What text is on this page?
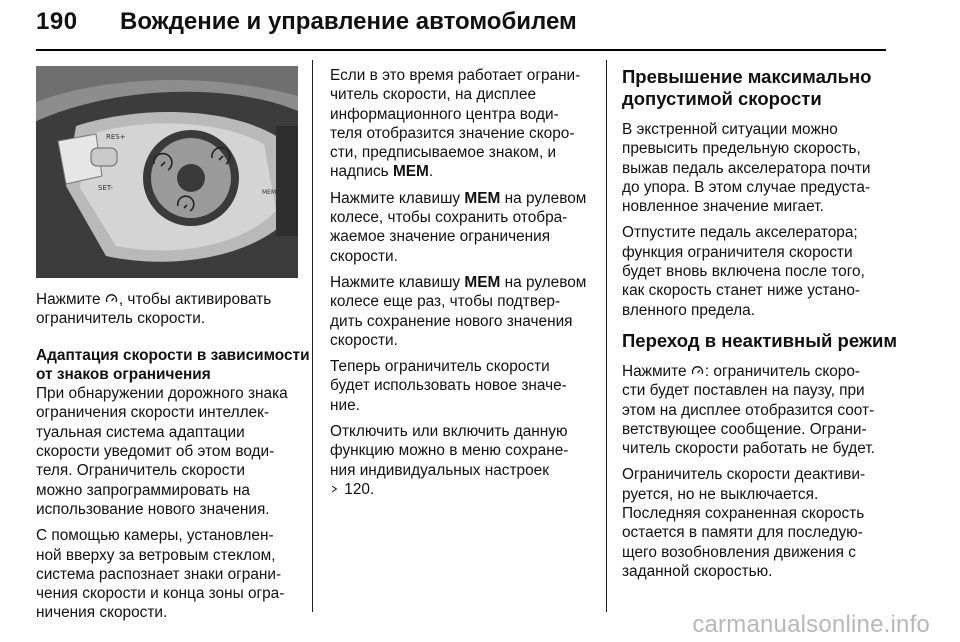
190 Вождение и управление автомобилем
RES+
SET-
MEM

Нажмите , чтобы активировать
ограничитель скорости.

Адаптация скорости в зависимости
от знаков ограничения

При обнаружении дорожного знака
ограничения скорости интеллек-
туальная система адаптации
скорости уведомит об этом води-
теля. Ограничитель скорости
можно запрограммировать на
использование нового значения.

С помощью камеры, установлен-
ной вверху за ветровым стеклом,
система распознает знаки ограни-
чения скорости и конца зоны огра-
ничения скорости.

Если в это время работает ограни-
читель скорости, на дисплее
информационного центра води-
теля отобразится значение скоро-
сти, предписываемое знаком, и
надпись MEM.

Нажмите клавишу MEM на рулевом
колесе, чтобы сохранить отобра-
жаемое значение ограничения
скорости.

Нажмите клавишу MEM на рулевом
колесе еще раз, чтобы подтвер-
дить сохранение нового значения
скорости.

Теперь ограничитель скорости
будет использовать новое значе-
ние.

Отключить или включить данную
функцию можно в меню сохране-
ния индивидуальных настроек
120.

Превышение максимально
допустимой скорости

В экстренной ситуации можно
превысить предельную скорость,
выжав педаль акселератора почти
до упора. В этом случае предуста-
новленное значение мигает.

Отпустите педаль акселератора;
функция ограничителя скорости
будет вновь включена после того,
как скорость станет ниже устано-
вленного предела.

Переход в неактивный режим

Нажмите : ограничитель скоро-
сти будет поставлен на паузу, при
этом на дисплее отобразится соот-
ветствующее сообщение. Ограни-
читель скорости работать не будет.

Ограничитель скорости деактиви-
руется, но не выключается.
Последняя сохраненная скорость
остается в памяти для последую-
щего возобновления движения с
заданной скоростью.

carmanualsonline.info
